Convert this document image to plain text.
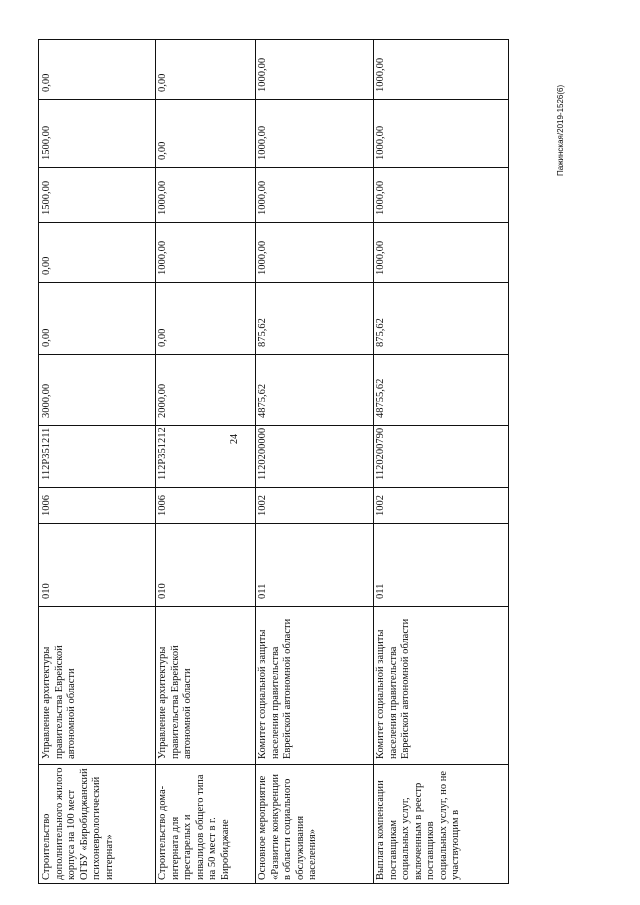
24
Пажинская/2019-1526(6)
0,00
1500,00
1500,00
0,00
0,00
3000,00
112P351211
1006
010
Управление архитектуры правительства Еврейской автономной области
Строительство дополнительного жилого корпуса на 100 мест ОГБУ «Биробиджанский психоневрологический интернат»
0,00
0,00
1000,00
1000,00
0,00
2000,00
112P351212
1006
010
Управление архитектуры правительства Еврейской автономной области
Строительство дома-интерната для престарелых и инвалидов общего типа на 50 мест в г. Биробиджане
1000,00
1000,00
1000,00
1000,00
875,62
4875,62
1120200000
1002
011
Комитет социальной защиты населения правительства Еврейской автономной области
Основное мероприятие «Развитие конкуренции в области социального обслуживания населения»
1000,00
1000,00
1000,00
1000,00
875,62
48755,62
1120200790
1002
011
Комитет социальной защиты населения правительства Еврейской автономной области
Выплата компенсации поставщикам социальных услуг, включенным в реестр поставщиков социальных услуг, но не участвующим в
